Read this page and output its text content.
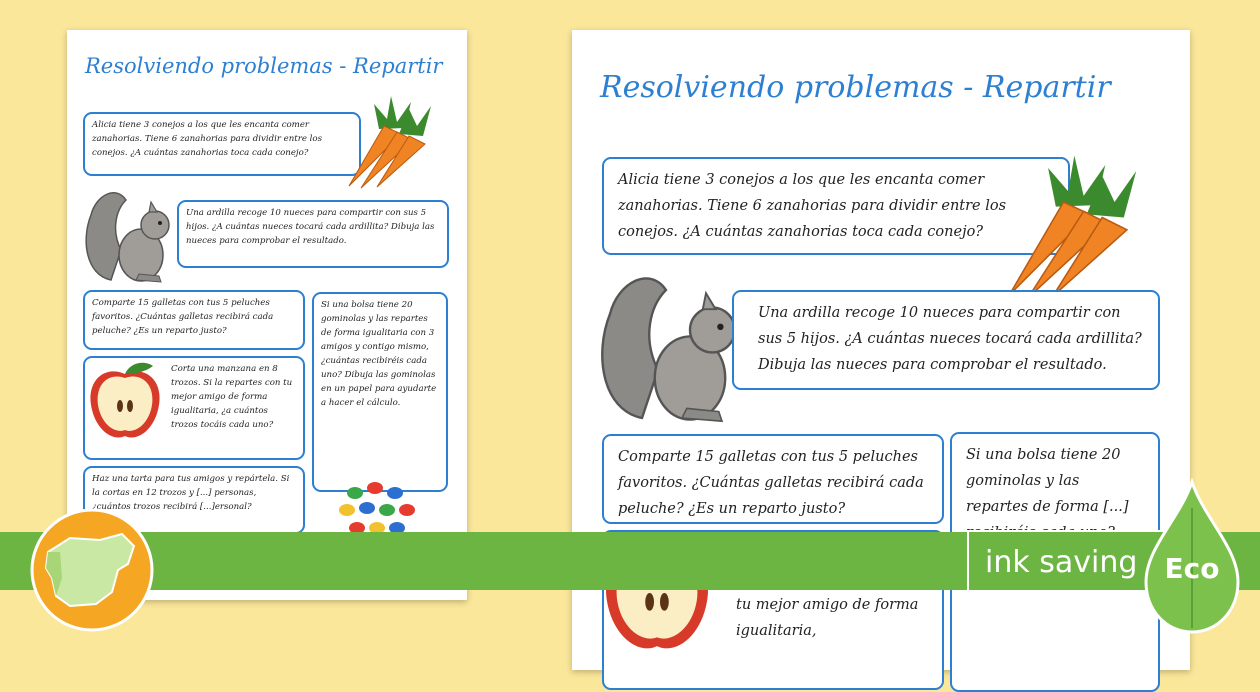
Resolviendo problemas - Repartir
Alicia tiene 3 conejos a los que les encanta comer zanahorias. Tiene 6 zanahorias para dividir entre los conejos. ¿A cuántas zanahorias toca cada conejo?
Una ardilla recoge 10 nueces para compartir con sus 5 hijos. ¿A cuántas nueces tocará cada ardillita? Dibuja las nueces para comprobar el resultado.
Comparte 15 galletas con tus 5 peluches favoritos. ¿Cuántas galletas recibirá cada peluche? ¿Es un reparto justo?
Corta una manzana en 8 trozos. Si la repartes con tu mejor amigo de forma igualitaria, ¿a cuántos trozos tocáis cada uno?
Haz una tarta para tus amigos y repártela. Si la cortas en 12 trozos y [...] personas, ¿cuántos trozos recibirá [...]ersonal?
Si una bolsa tiene 20 gominolas y las repartes de forma igualitaria con 3 amigos y contigo mismo, ¿cuántas recibiréis cada uno? Dibuja las gominolas en un papel para ayudarte a hacer el cálculo.
Resolviendo problemas - Repartir
Alicia tiene 3 conejos a los que les encanta comer zanahorias. Tiene 6 zanahorias para dividir entre los conejos. ¿A cuántas zanahorias toca cada conejo?
Una ardilla recoge 10 nueces para compartir con sus 5 hijos. ¿A cuántas nueces tocará cada ardillita? Dibuja las nueces para comprobar el resultado.
Comparte 15 galletas con tus 5 peluches favoritos. ¿Cuántas galletas recibirá cada peluche? ¿Es un reparto justo?
tu mejor amigo de forma igualitaria,
Si una bolsa tiene 20 gominolas y las repartes de forma [...]
ink saving Eco
